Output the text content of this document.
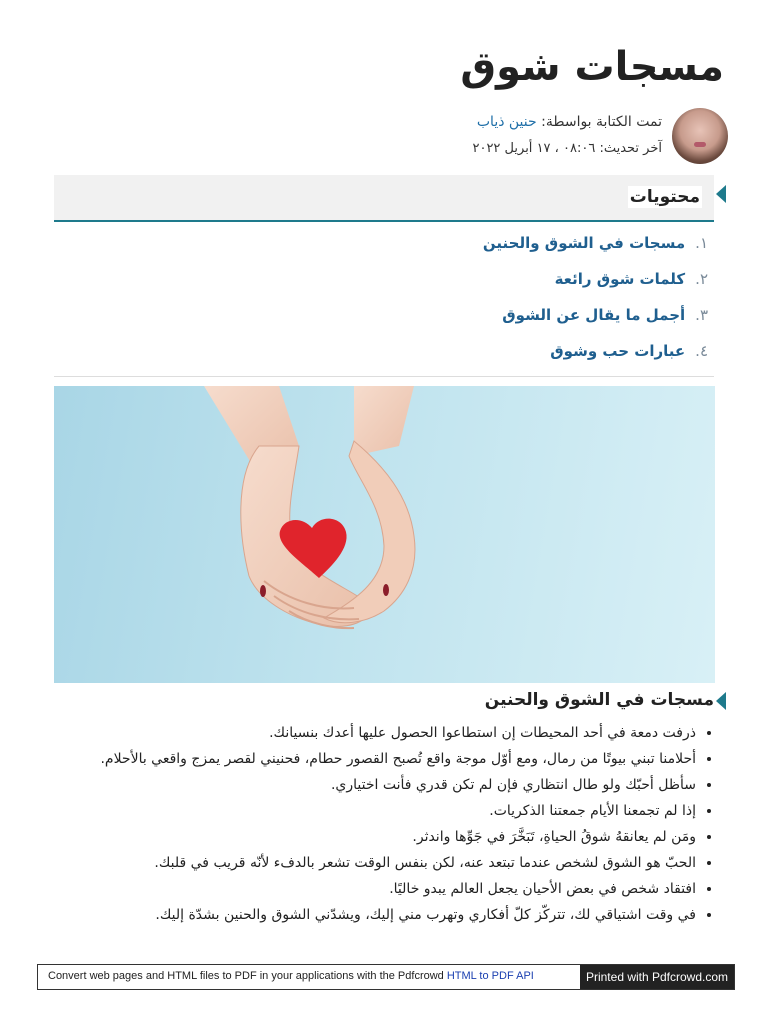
مسجات شوق
تمت الكتابة بواسطة: حنين ذياب
آخر تحديث: ٠٨:٠٦ ، ١٧ أبريل ٢٠٢٢
محتويات
١.مسجات في الشوق والحنين
٢.كلمات شوق رائعة
٣.أجمل ما يقال عن الشوق
٤.عبارات حب وشوق
مسجات في الشوق والحنين
• ذرفت دمعة في أحد المحيطات إن استطاعوا الحصول عليها أعدك بنسيانك.
• أحلامنا تبني بيوتًا من رمال، ومع أوّل موجة واقع تُصبح القصور حطام، فحنيني لقصر يمزج واقعي بالأحلام.
• سأظل أحبّك ولو طال انتظاري فإن لم تكن قدري فأنت اختياري.
• إذا لم تجمعنا الأيام جمعتنا الذكريات.
• ومَن لم يعانقهُ شوقُ الحياةِ، تَبَخَّرَ في جَوِّها واندثر.
• الحبّ هو الشوق لشخص عندما تبتعد عنه، لكن بنفس الوقت تشعر بالدفء لأنّه قريب في قلبك.
• افتقاد شخص في بعض الأحيان يجعل العالم يبدو خاليًا.
• في وقت اشتياقي لك، تتركّز كلّ أفكاري وتهرب مني إليك، ويشدّني الشوق والحنين بشدّة إليك.
Convert web pages and HTML files to PDF in your applications with the Pdfcrowd HTML to PDF API	Printed with Pdfcrowd.com
